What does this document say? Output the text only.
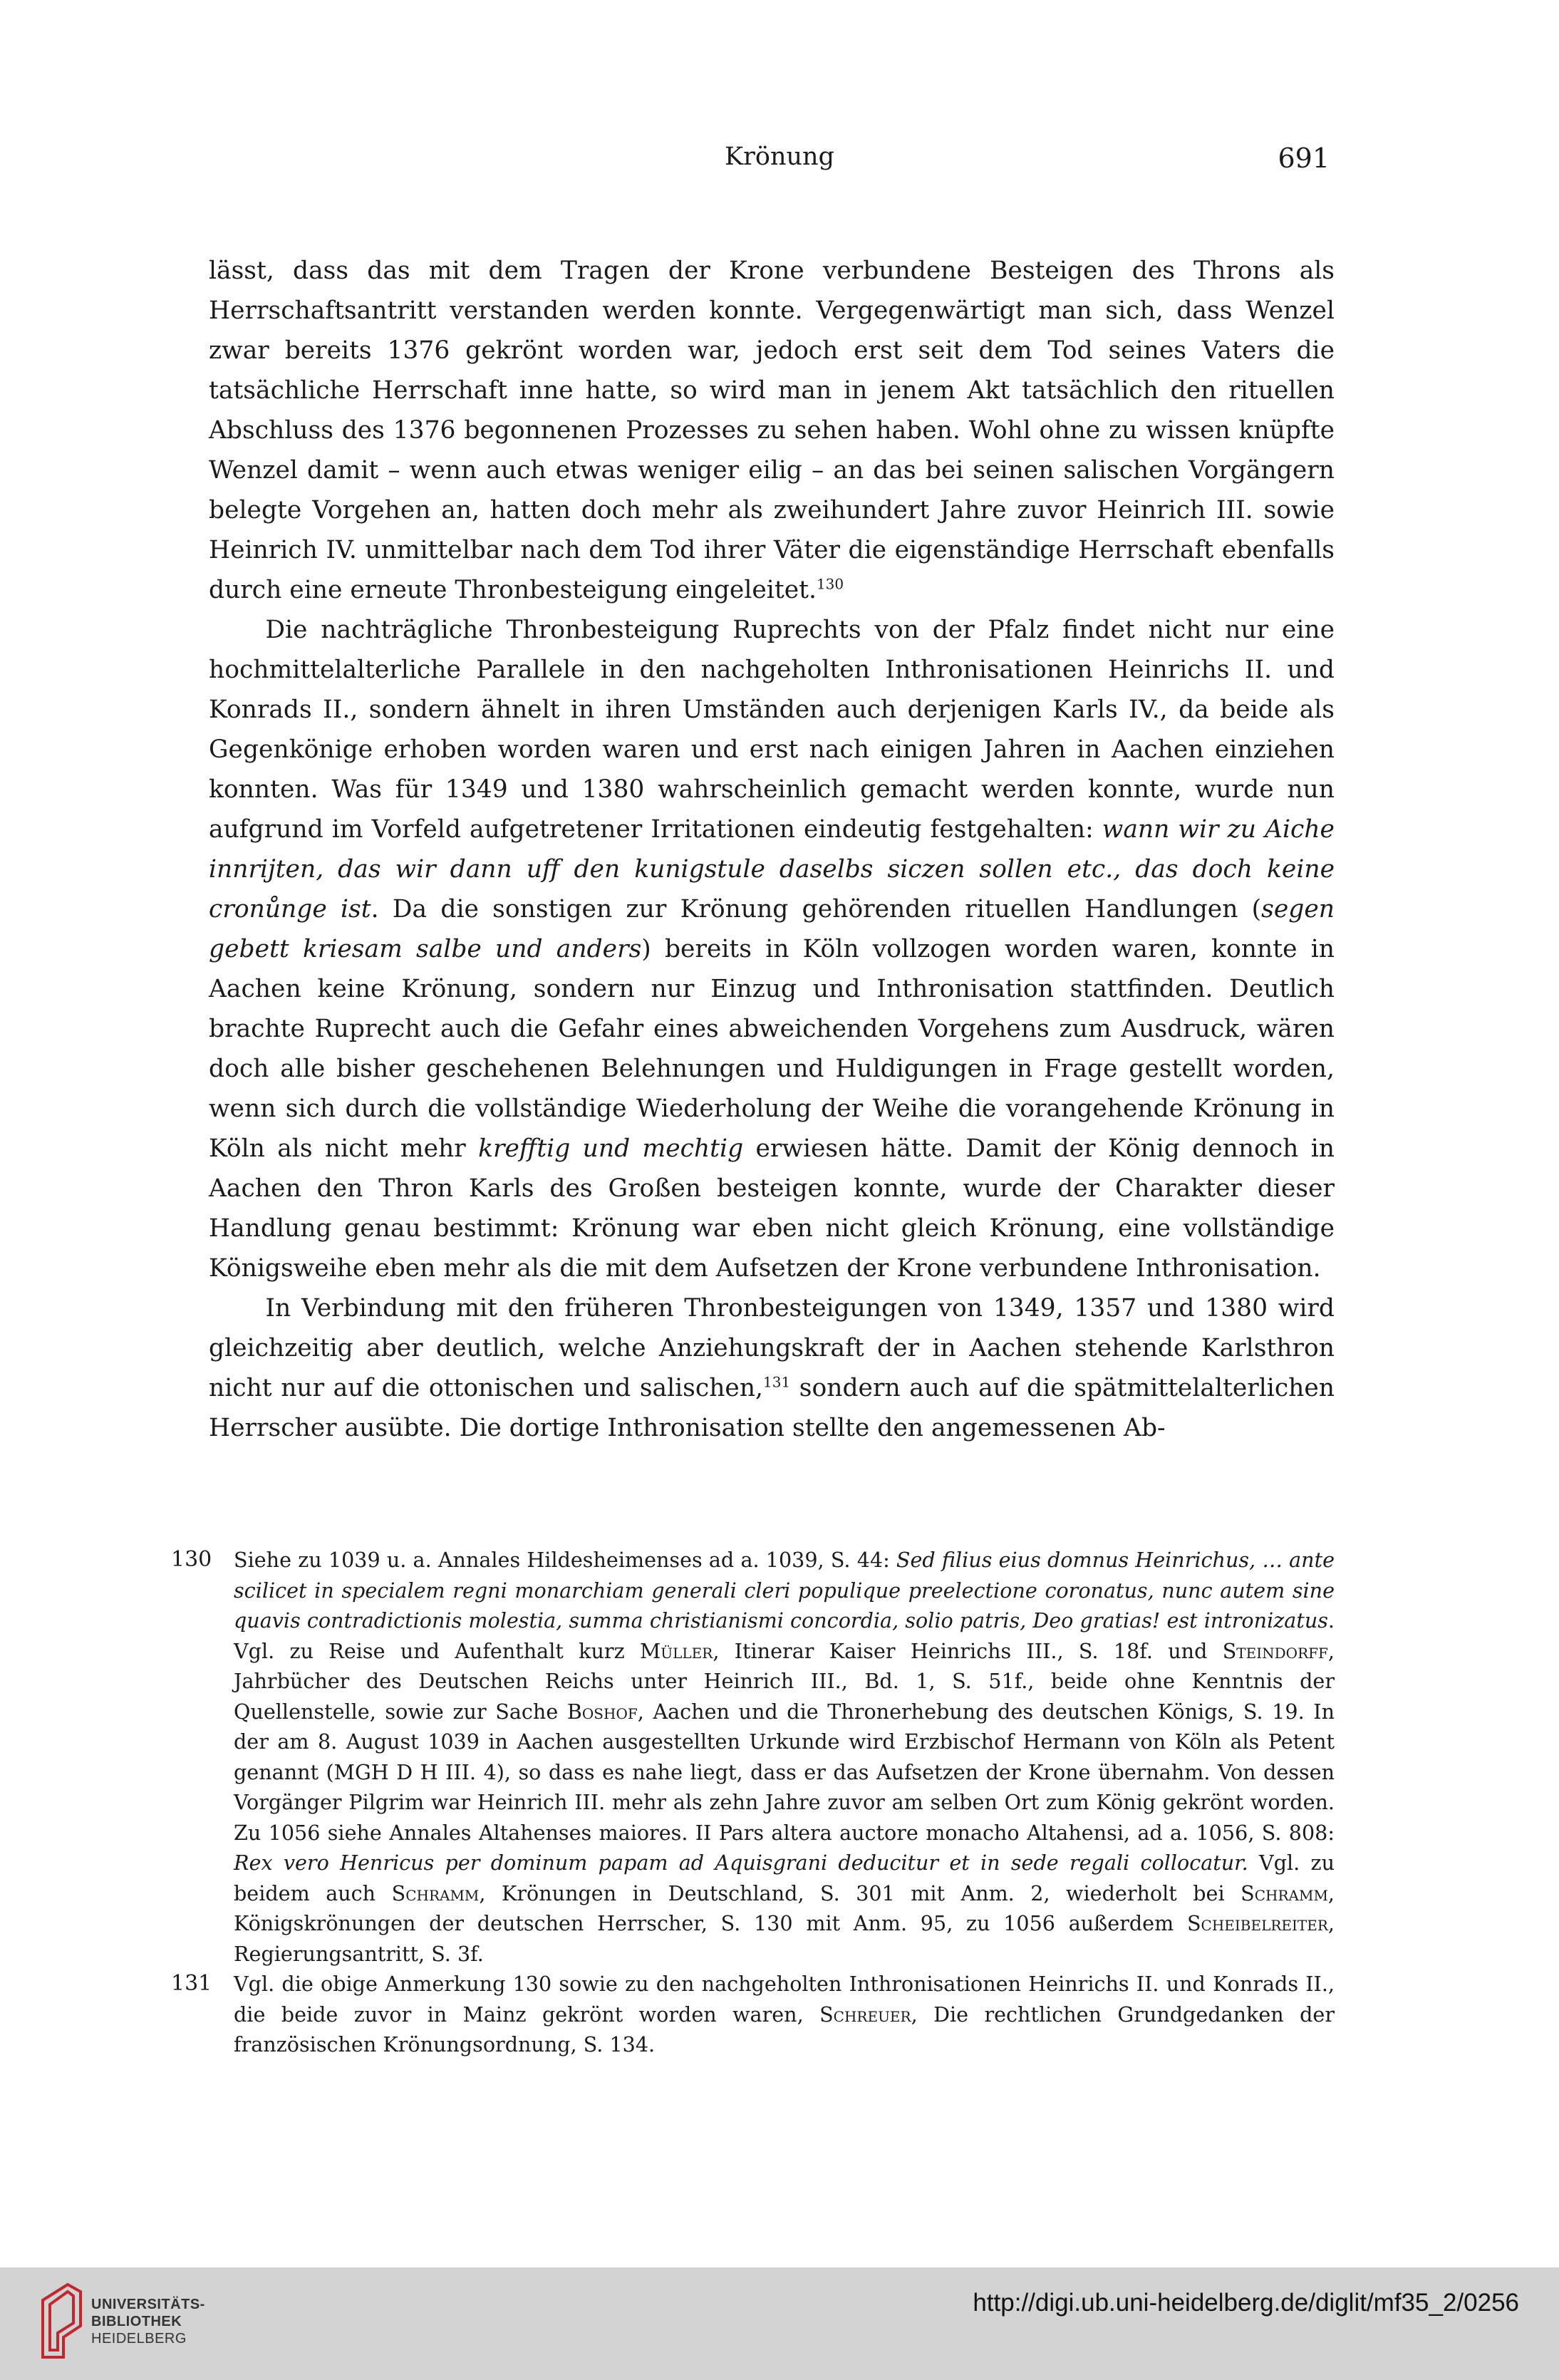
Krönung	691

lässt, dass das mit dem Tragen der Krone verbundene Besteigen des Throns als Herrschaftsantritt verstanden werden konnte. Vergegenwärtigt man sich, dass Wenzel zwar bereits 1376 gekrönt worden war, jedoch erst seit dem Tod seines Vaters die tatsächliche Herrschaft inne hatte, so wird man in jenem Akt tatsächlich den rituellen Abschluss des 1376 begonnenen Prozesses zu sehen haben. Wohl ohne zu wissen knüpfte Wenzel damit – wenn auch etwas weniger eilig – an das bei seinen salischen Vorgängern belegte Vorgehen an, hatten doch mehr als zweihundert Jahre zuvor Heinrich III. sowie Heinrich IV. unmittelbar nach dem Tod ihrer Väter die eigenständige Herrschaft ebenfalls durch eine erneute Thronbesteigung eingeleitet.$^{130}$

Die nachträgliche Thronbesteigung Ruprechts von der Pfalz findet nicht nur eine hochmittelalterliche Parallele in den nachgeholten Inthronisationen Heinrichs II. und Konrads II., sondern ähnelt in ihren Umständen auch derjenigen Karls IV., da beide als Gegenkönige erhoben worden waren und erst nach einigen Jahren in Aachen einziehen konnten. Was für 1349 und 1380 wahrscheinlich gemacht werden konnte, wurde nun aufgrund im Vorfeld aufgetretener Irritationen eindeutig festgehalten: wann wir zu Aiche innrijten, das wir dann uff den kunigstule daselbs siczen sollen etc., das doch keine cronůnge ist. Da die sonstigen zur Krönung gehörenden rituellen Handlungen (segen gebett kriesam salbe und anders) bereits in Köln vollzogen worden waren, konnte in Aachen keine Krönung, sondern nur Einzug und Inthronisation stattfinden. Deutlich brachte Ruprecht auch die Gefahr eines abweichenden Vorgehens zum Ausdruck, wären doch alle bisher geschehenen Belehnungen und Huldigungen in Frage gestellt worden, wenn sich durch die vollständige Wiederholung der Weihe die vorangehende Krönung in Köln als nicht mehr krefftig und mechtig erwiesen hätte. Damit der König dennoch in Aachen den Thron Karls des Großen besteigen konnte, wurde der Charakter dieser Handlung genau bestimmt: Krönung war eben nicht gleich Krönung, eine vollständige Königsweihe eben mehr als die mit dem Aufsetzen der Krone verbundene Inthronisation.

In Verbindung mit den früheren Thronbesteigungen von 1349, 1357 und 1380 wird gleichzeitig aber deutlich, welche Anziehungskraft der in Aachen stehende Karlsthron nicht nur auf die ottonischen und salischen,$^{131}$ sondern auch auf die spätmittelalterlichen Herrscher ausübte. Die dortige Inthronisation stellte den angemessenen Ab-

130	Siehe zu 1039 u. a. Annales Hildesheimenses ad a. 1039, S. 44: Sed filius eius domnus Heinrichus, … ante scilicet in specialem regni monarchiam generali cleri populique preelectione coronatus, nunc autem sine quavis contradictionis molestia, summa christianismi concordia, solio patris, Deo gratias! est intronizatus. Vgl. zu Reise und Aufenthalt kurz Müller, Itinerar Kaiser Heinrichs III., S. 18f. und Steindorff, Jahrbücher des Deutschen Reichs unter Heinrich III., Bd. 1, S. 51f., beide ohne Kenntnis der Quellenstelle, sowie zur Sache Boshof, Aachen und die Thronerhebung des deutschen Königs, S. 19. In der am 8. August 1039 in Aachen ausgestellten Urkunde wird Erzbischof Hermann von Köln als Petent genannt (MGH D H III. 4), so dass es nahe liegt, dass er das Aufsetzen der Krone übernahm. Von dessen Vorgänger Pilgrim war Heinrich III. mehr als zehn Jahre zuvor am selben Ort zum König gekrönt worden. Zu 1056 siehe Annales Altahenses maiores. II Pars altera auctore monacho Altahensi, ad a. 1056, S. 808: Rex vero Henricus per dominum papam ad Aquisgrani deducitur et in sede regali collocatur. Vgl. zu beidem auch Schramm, Krönungen in Deutschland, S. 301 mit Anm. 2, wiederholt bei Schramm, Königskrönungen der deutschen Herrscher, S. 130 mit Anm. 95, zu 1056 außerdem Scheibelreiter, Regierungsantritt, S. 3f.

131	Vgl. die obige Anmerkung 130 sowie zu den nachgeholten Inthronisationen Heinrichs II. und Konrads II., die beide zuvor in Mainz gekrönt worden waren, Schreuer, Die rechtlichen Grundgedanken der französischen Krönungsordnung, S. 134.

UNIVERSITÄTS-
BIBLIOTHEK
HEIDELBERG
http://digi.ub.uni-heidelberg.de/diglit/mf35_2/0256
